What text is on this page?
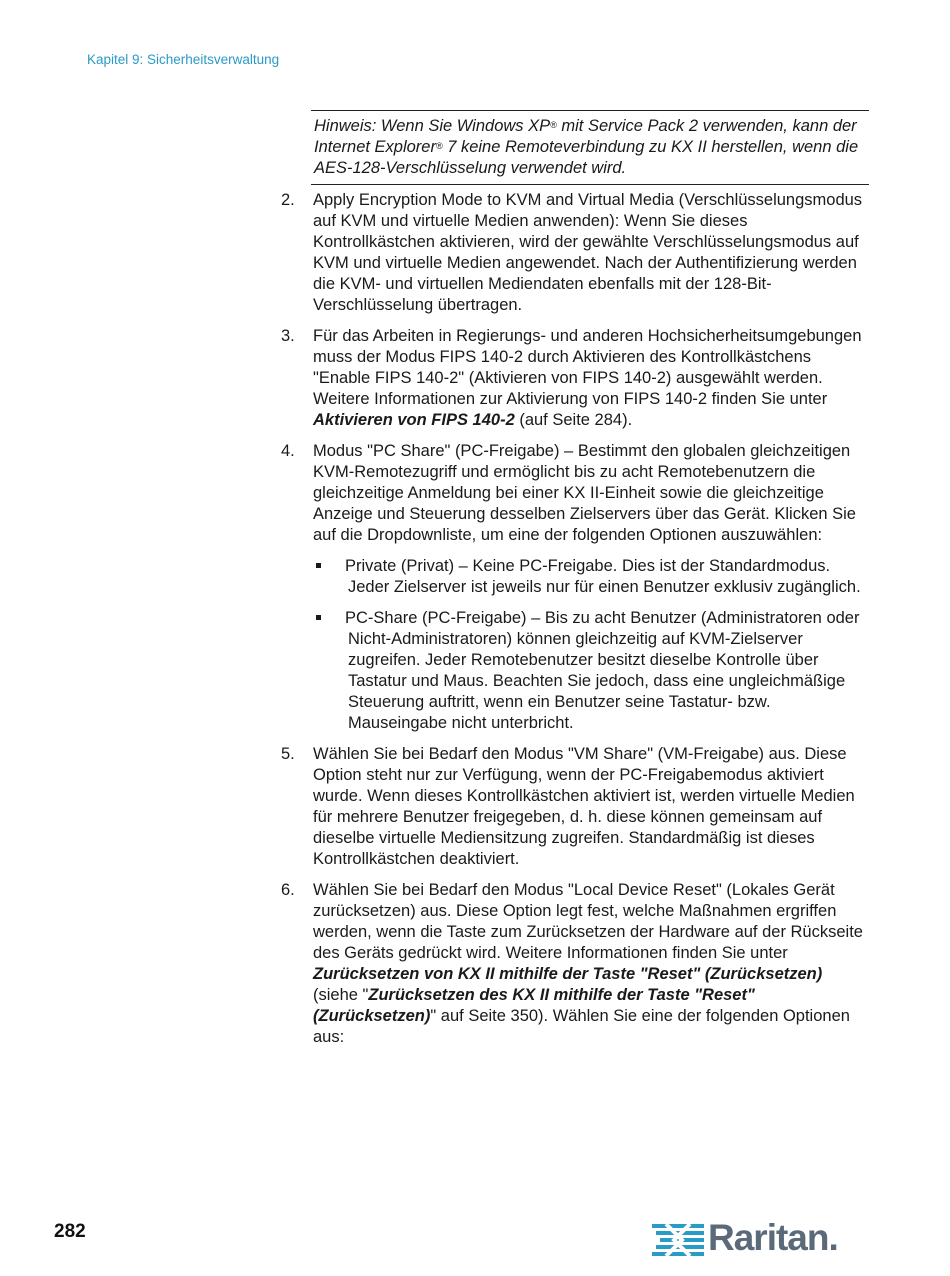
Kapitel 9: Sicherheitsverwaltung
Hinweis: Wenn Sie Windows XP® mit Service Pack 2 verwenden, kann der Internet Explorer® 7 keine Remoteverbindung zu KX II herstellen, wenn die AES-128-Verschlüsselung verwendet wird.
2. Apply Encryption Mode to KVM and Virtual Media (Verschlüsselungsmodus auf KVM und virtuelle Medien anwenden): Wenn Sie dieses Kontrollkästchen aktivieren, wird der gewählte Verschlüsselungsmodus auf KVM und virtuelle Medien angewendet. Nach der Authentifizierung werden die KVM- und virtuellen Mediendaten ebenfalls mit der 128-Bit-Verschlüsselung übertragen.
3. Für das Arbeiten in Regierungs- und anderen Hochsicherheitsumgebungen muss der Modus FIPS 140-2 durch Aktivieren des Kontrollkästchens "Enable FIPS 140-2" (Aktivieren von FIPS 140-2) ausgewählt werden. Weitere Informationen zur Aktivierung von FIPS 140-2 finden Sie unter Aktivieren von FIPS 140-2 (auf Seite 284).
4. Modus "PC Share" (PC-Freigabe) – Bestimmt den globalen gleichzeitigen KVM-Remotezugriff und ermöglicht bis zu acht Remotebenutzern die gleichzeitige Anmeldung bei einer KX II-Einheit sowie die gleichzeitige Anzeige und Steuerung desselben Zielservers über das Gerät. Klicken Sie auf die Dropdownliste, um eine der folgenden Optionen auszuwählen:
Private (Privat) – Keine PC-Freigabe. Dies ist der Standardmodus. Jeder Zielserver ist jeweils nur für einen Benutzer exklusiv zugänglich.
PC-Share (PC-Freigabe) – Bis zu acht Benutzer (Administratoren oder Nicht-Administratoren) können gleichzeitig auf KVM-Zielserver zugreifen. Jeder Remotebenutzer besitzt dieselbe Kontrolle über Tastatur und Maus. Beachten Sie jedoch, dass eine ungleichmäßige Steuerung auftritt, wenn ein Benutzer seine Tastatur- bzw. Mauseingabe nicht unterbricht.
5. Wählen Sie bei Bedarf den Modus "VM Share" (VM-Freigabe) aus. Diese Option steht nur zur Verfügung, wenn der PC-Freigabemodus aktiviert wurde. Wenn dieses Kontrollkästchen aktiviert ist, werden virtuelle Medien für mehrere Benutzer freigegeben, d. h. diese können gemeinsam auf dieselbe virtuelle Mediensitzung zugreifen. Standardmäßig ist dieses Kontrollkästchen deaktiviert.
6. Wählen Sie bei Bedarf den Modus "Local Device Reset" (Lokales Gerät zurücksetzen) aus. Diese Option legt fest, welche Maßnahmen ergriffen werden, wenn die Taste zum Zurücksetzen der Hardware auf der Rückseite des Geräts gedrückt wird. Weitere Informationen finden Sie unter Zurücksetzen von KX II mithilfe der Taste "Reset" (Zurücksetzen) (siehe "Zurücksetzen des KX II mithilfe der Taste "Reset" (Zurücksetzen)" auf Seite 350). Wählen Sie eine der folgenden Optionen aus:
282	Raritan.
